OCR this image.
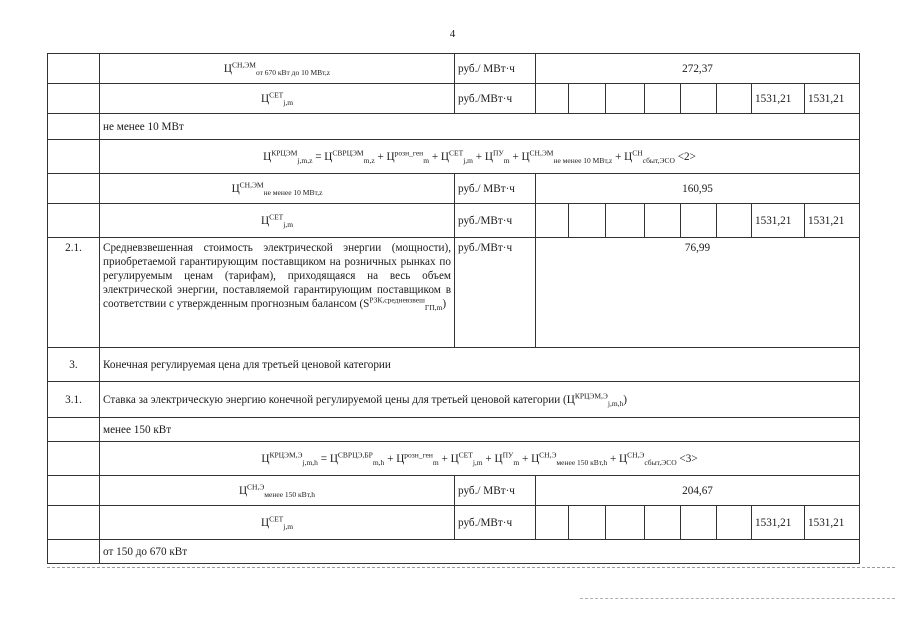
4
	$Ц^{СН,ЭМ}_{от 670 кВт до 10 МВт,z}$	руб./ МВт·ч	272,37							
	$Ц^{СЕТ}_{j,m}$	руб./МВт·ч							1531,21	1531,21
	не менее 10 МВт									
	$Ц^{КРЦЭМ}_{j,m,z} = Ц^{СВРЦЭМ}_{m,z} + Ц^{розн\_ген}_m + Ц^{СЕТ}_{j,m} + Ц^{ПУ}_m + Ц^{СН,ЭМ}_{не менее 10 МВт,z} + Ц^{СН}_{сбыт,ЭСО} <2>$									
	$Ц^{СН,ЭМ}_{не менее 10 МВт,z}$	руб./ МВт·ч	160,95							
	$Ц^{СЕТ}_{j,m}$	руб./МВт·ч							1531,21	1531,21
2.1.	Средневзвешенная стоимость электрической энергии (мощности), приобретаемой гарантирующим поставщиком на розничных рынках по регулируемым ценам (тарифам), приходящаяся на весь объем электрической энергии, поставляемой гарантирующим поставщиком в соответствии с утвержденным прогнозным балансом $(S^{РЗК,средневзвеш}_{ГП,m})$	руб./МВт·ч	76,99							
3.	Конечная регулируемая цена для третьей ценовой категории									
3.1.	Ставка за электрическую энергию конечной регулируемой цены для третьей ценовой категории $(Ц^{КРЦЭМ,Э}_{j,m,h})$									
	менее 150 кВт									
	$Ц^{КРЦЭМ,Э}_{j,m,h} = Ц^{СВРЦЭ,БР}_{m,h} + Ц^{розн\_ген}_m + Ц^{СЕТ}_{j,m} + Ц^{ПУ}_m + Ц^{СН,Э}_{менее 150 кВт,h} + Ц^{СН,Э}_{сбыт,ЭСО} <3>$									
	$Ц^{СН,Э}_{менее 150 кВт,h}$	руб./ МВт·ч	204,67							
	$Ц^{СЕТ}_{j,m}$	руб./МВт·ч							1531,21	1531,21
	от 150 до 670 кВт									
